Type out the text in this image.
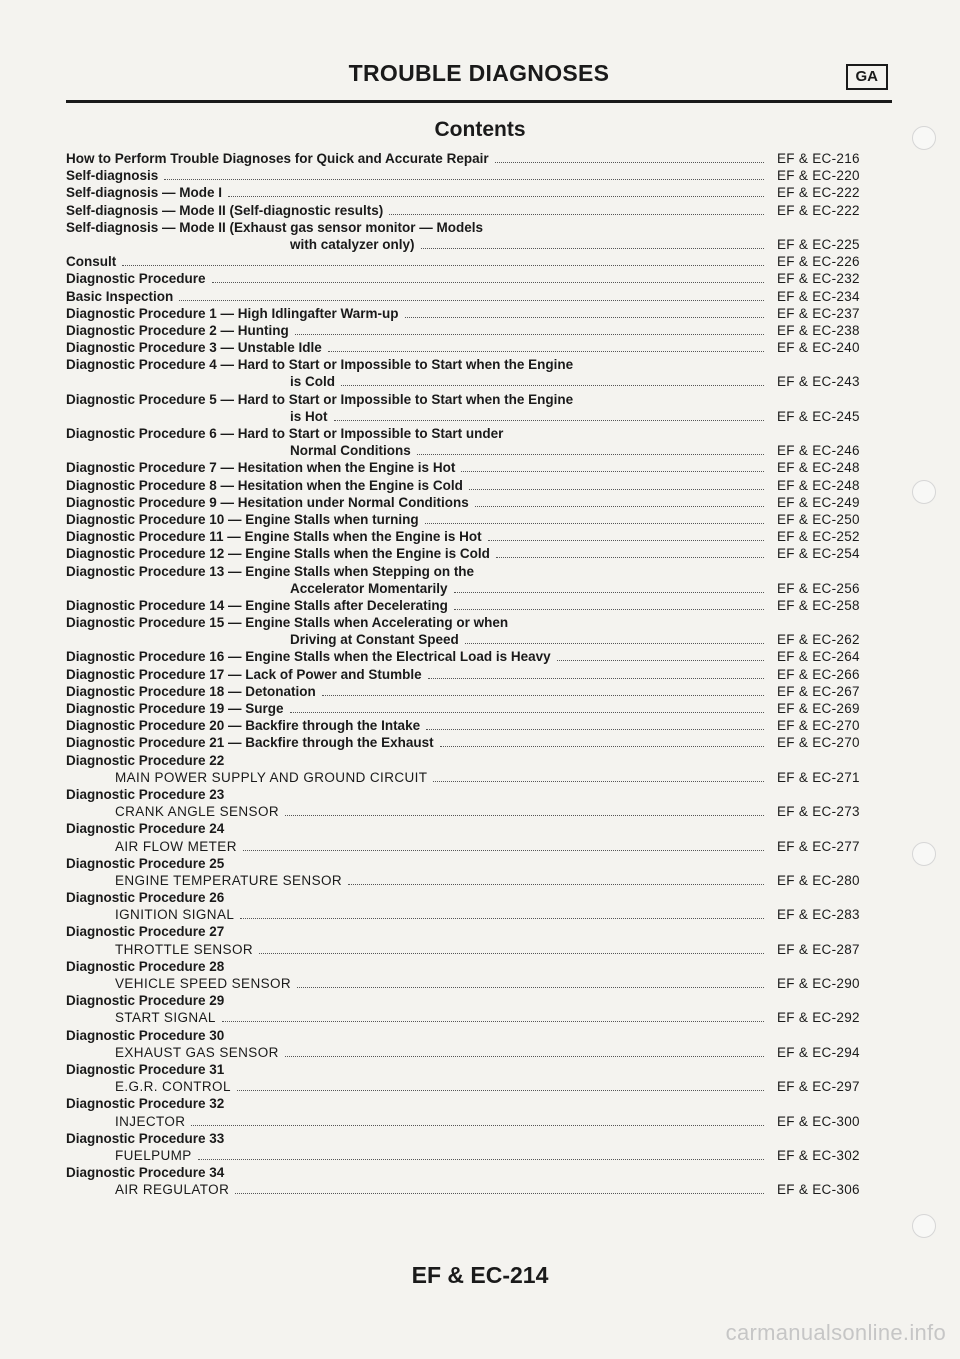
TROUBLE DIAGNOSES	GA
Contents
How to Perform Trouble Diagnoses for Quick and Accurate Repair	EF & EC-216
Self-diagnosis	EF & EC-220
Self-diagnosis — Mode I	EF & EC-222
Self-diagnosis — Mode II (Self-diagnostic results)	EF & EC-222
Self-diagnosis — Mode II (Exhaust gas sensor monitor — Models
with catalyzer only)	EF & EC-225
Consult	EF & EC-226
Diagnostic Procedure	EF & EC-232
Basic Inspection	EF & EC-234
Diagnostic Procedure 1 — High Idlingafter Warm-up	EF & EC-237
Diagnostic Procedure 2 — Hunting	EF & EC-238
Diagnostic Procedure 3 — Unstable Idle	EF & EC-240
Diagnostic Procedure 4 — Hard to Start or Impossible to Start when the Engine
is Cold	EF & EC-243
Diagnostic Procedure 5 — Hard to Start or Impossible to Start when the Engine
is Hot	EF & EC-245
Diagnostic Procedure 6 — Hard to Start or Impossible to Start under
Normal Conditions	EF & EC-246
Diagnostic Procedure 7 — Hesitation when the Engine is Hot	EF & EC-248
Diagnostic Procedure 8 — Hesitation when the Engine is Cold	EF & EC-248
Diagnostic Procedure 9 — Hesitation under Normal Conditions	EF & EC-249
Diagnostic Procedure 10 — Engine Stalls when turning	EF & EC-250
Diagnostic Procedure 11 — Engine Stalls when the Engine is Hot	EF & EC-252
Diagnostic Procedure 12 — Engine Stalls when the Engine is Cold	EF & EC-254
Diagnostic Procedure 13 — Engine Stalls when Stepping on the
Accelerator Momentarily	EF & EC-256
Diagnostic Procedure 14 — Engine Stalls after Decelerating	EF & EC-258
Diagnostic Procedure 15 — Engine Stalls when Accelerating or when
Driving at Constant Speed	EF & EC-262
Diagnostic Procedure 16 — Engine Stalls when the Electrical Load is Heavy	EF & EC-264
Diagnostic Procedure 17 — Lack of Power and Stumble	EF & EC-266
Diagnostic Procedure 18 — Detonation	EF & EC-267
Diagnostic Procedure 19 — Surge	EF & EC-269
Diagnostic Procedure 20 — Backfire through the Intake	EF & EC-270
Diagnostic Procedure 21 — Backfire through the Exhaust	EF & EC-270
Diagnostic Procedure 22
MAIN POWER SUPPLY AND GROUND CIRCUIT	EF & EC-271
Diagnostic Procedure 23
CRANK ANGLE SENSOR	EF & EC-273
Diagnostic Procedure 24
AIR FLOW METER	EF & EC-277
Diagnostic Procedure 25
ENGINE TEMPERATURE SENSOR	EF & EC-280
Diagnostic Procedure 26
IGNITION SIGNAL	EF & EC-283
Diagnostic Procedure 27
THROTTLE SENSOR	EF & EC-287
Diagnostic Procedure 28
VEHICLE SPEED SENSOR	EF & EC-290
Diagnostic Procedure 29
START SIGNAL	EF & EC-292
Diagnostic Procedure 30
EXHAUST GAS SENSOR	EF & EC-294
Diagnostic Procedure 31
E.G.R. CONTROL	EF & EC-297
Diagnostic Procedure 32
INJECTOR	EF & EC-300
Diagnostic Procedure 33
FUELPUMP	EF & EC-302
Diagnostic Procedure 34
AIR REGULATOR	EF & EC-306
EF & EC-214
carmanualsonline.info
